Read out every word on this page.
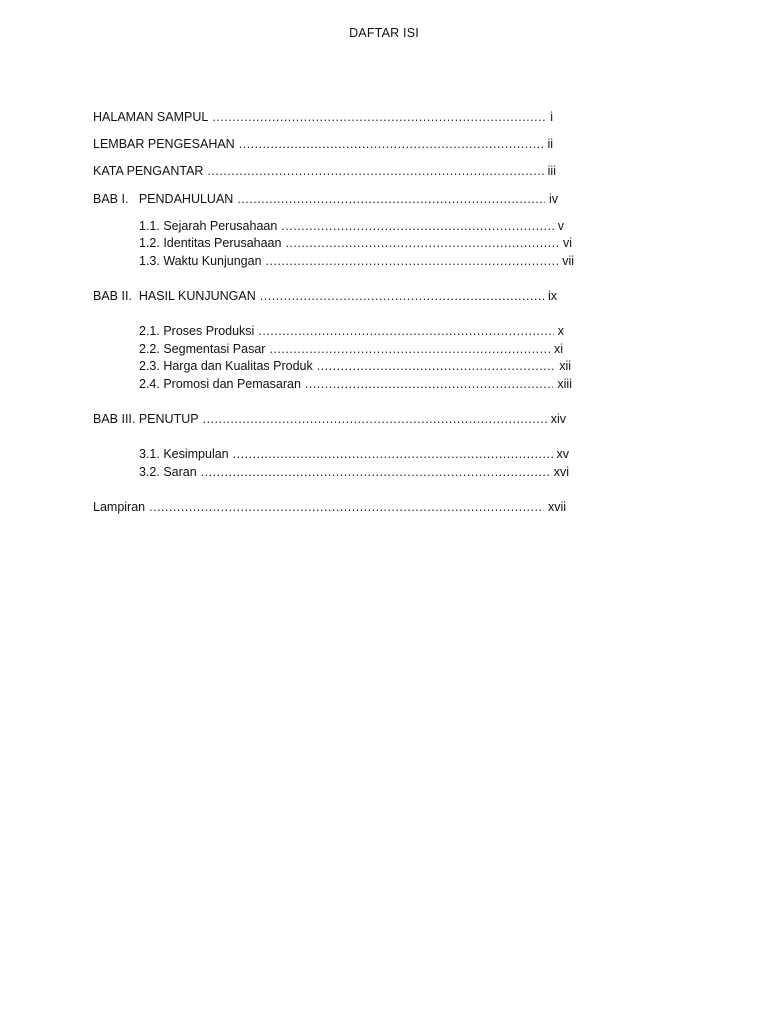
DAFTAR ISI
HALAMAN SAMPUL .....	i
LEMBAR PENGESAHAN .....	ii
KATA PENGANTAR .....	iii
BAB I.   PENDAHULUAN .....	iv
1.1. Sejarah Perusahaan .....	v
1.2. Identitas Perusahaan .....	vi
1.3. Waktu Kunjungan .....	vii
BAB II.  HASIL KUNJUNGAN .....	ix
2.1. Proses Produksi .....	x
2.2. Segmentasi Pasar .....	xi
2.3. Harga dan Kualitas Produk .....	xii
2.4. Promosi dan Pemasaran .....	xiii
BAB III. PENUTUP .....	xiv
3.1. Kesimpulan .....	xv
3.2. Saran .....	xvi
Lampiran .....	xvii
